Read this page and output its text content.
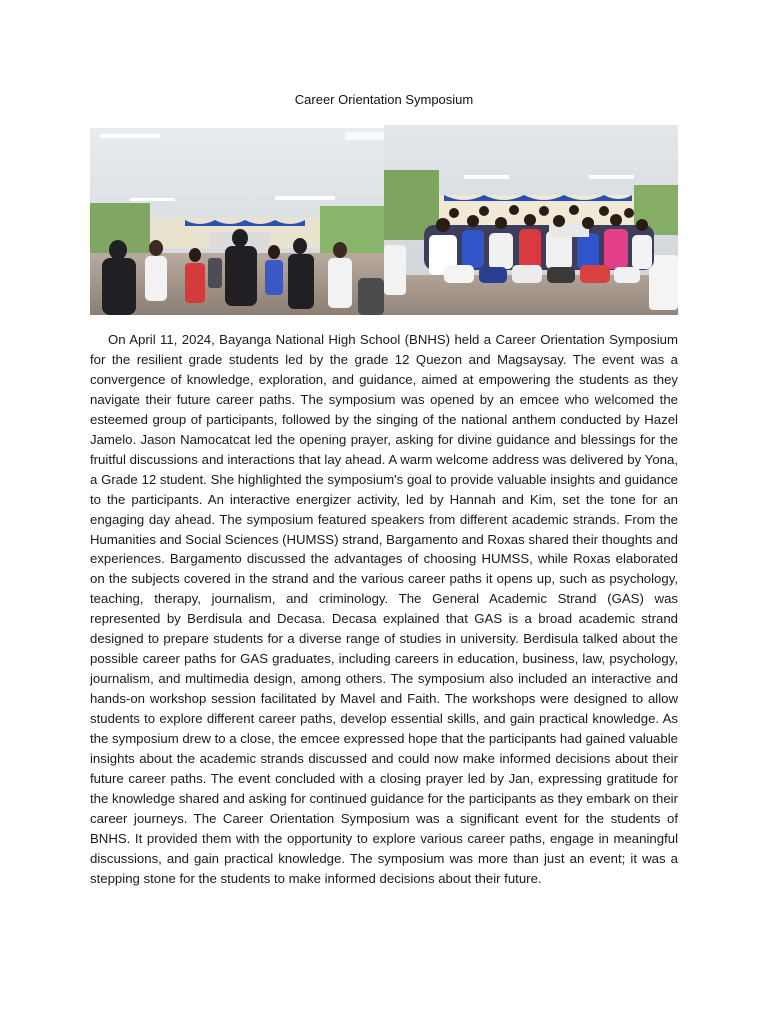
Career Orientation Symposium

On April 11, 2024, Bayanga National High School (BNHS) held a Career Orientation Symposium for the resilient grade students led by the grade 12 Quezon and Magsaysay. The event was a convergence of knowledge, exploration, and guidance, aimed at empowering the students as they navigate their future career paths. The symposium was opened by an emcee who welcomed the esteemed group of participants, followed by the singing of the national anthem conducted by Hazel Jamelo. Jason Namocatcat led the opening prayer, asking for divine guidance and blessings for the fruitful discussions and interactions that lay ahead. A warm welcome address was delivered by Yona, a Grade 12 student. She highlighted the symposium's goal to provide valuable insights and guidance to the participants. An interactive energizer activity, led by Hannah and Kim, set the tone for an engaging day ahead. The symposium featured speakers from different academic strands. From the Humanities and Social Sciences (HUMSS) strand, Bargamento and Roxas shared their thoughts and experiences. Bargamento discussed the advantages of choosing HUMSS, while Roxas elaborated on the subjects covered in the strand and the various career paths it opens up, such as psychology, teaching, therapy, journalism, and criminology. The General Academic Strand (GAS) was represented by Berdisula and Decasa. Decasa explained that GAS is a broad academic strand designed to prepare students for a diverse range of studies in university. Berdisula talked about the possible career paths for GAS graduates, including careers in education, business, law, psychology, journalism, and multimedia design, among others. The symposium also included an interactive and hands-on workshop session facilitated by Mavel and Faith. The workshops were designed to allow students to explore different career paths, develop essential skills, and gain practical knowledge. As the symposium drew to a close, the emcee expressed hope that the participants had gained valuable insights about the academic strands discussed and could now make informed decisions about their future career paths. The event concluded with a closing prayer led by Jan, expressing gratitude for the knowledge shared and asking for continued guidance for the participants as they embark on their career journeys. The Career Orientation Symposium was a significant event for the students of BNHS. It provided them with the opportunity to explore various career paths, engage in meaningful discussions, and gain practical knowledge. The symposium was more than just an event; it was a stepping stone for the students to make informed decisions about their future.
